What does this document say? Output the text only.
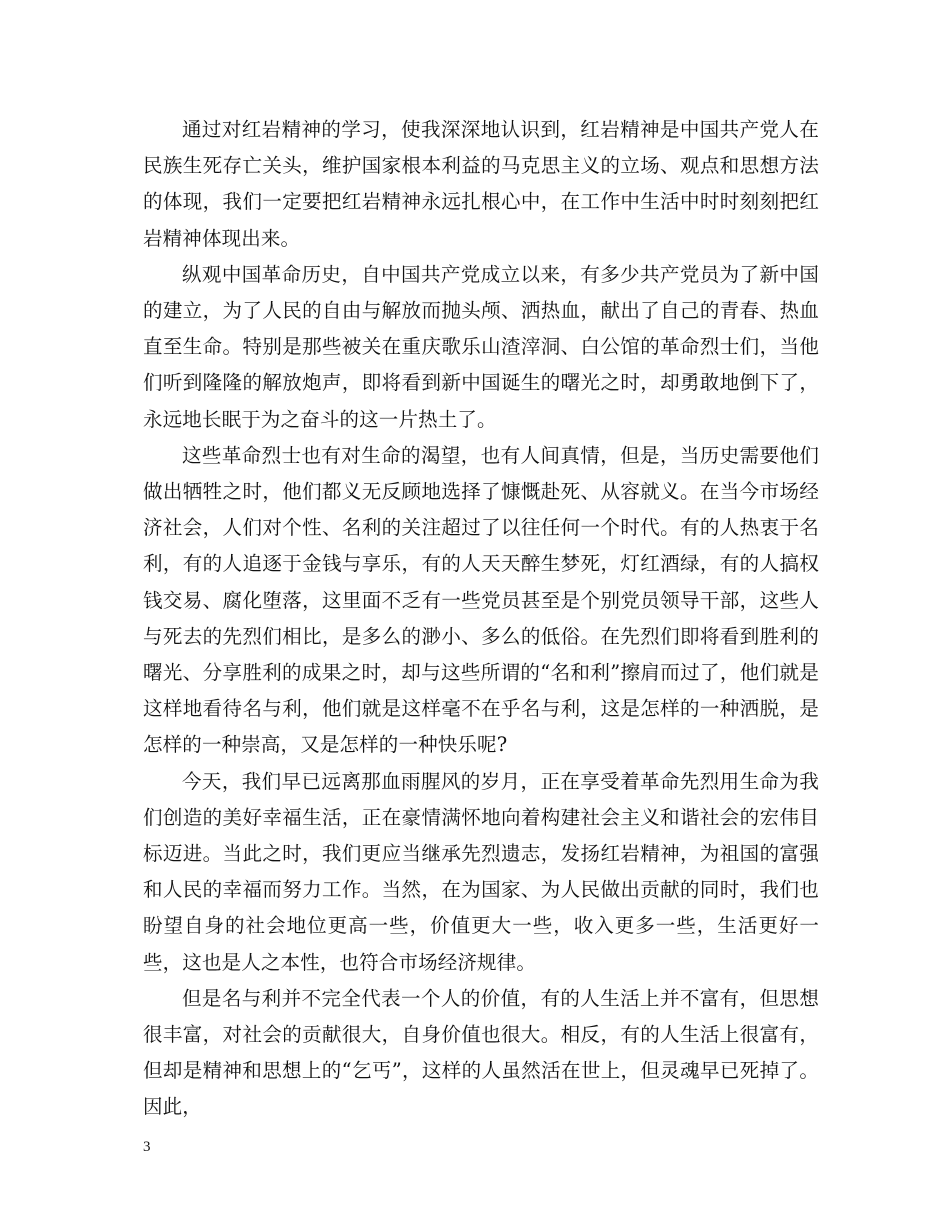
通过对红岩精神的学习，使我深深地认识到，红岩精神是中国共产党人在民族生死存亡关头，维护国家根本利益的马克思主义的立场、观点和思想方法的体现，我们一定要把红岩精神永远扎根心中，在工作中生活中时时刻刻把红岩精神体现出来。

纵观中国革命历史，自中国共产党成立以来，有多少共产党员为了新中国的建立，为了人民的自由与解放而抛头颅、洒热血，献出了自己的青春、热血直至生命。特别是那些被关在重庆歌乐山渣滓洞、白公馆的革命烈士们，当他们听到隆隆的解放炮声，即将看到新中国诞生的曙光之时，却勇敢地倒下了，永远地长眠于为之奋斗的这一片热土了。

这些革命烈士也有对生命的渴望，也有人间真情，但是，当历史需要他们做出牺牲之时，他们都义无反顾地选择了慷慨赴死、从容就义。在当今市场经济社会，人们对个性、名利的关注超过了以往任何一个时代。有的人热衷于名利，有的人追逐于金钱与享乐，有的人天天醉生梦死，灯红酒绿，有的人搞权钱交易、腐化堕落，这里面不乏有一些党员甚至是个别党员领导干部，这些人与死去的先烈们相比，是多么的渺小、多么的低俗。在先烈们即将看到胜利的曙光、分享胜利的成果之时，却与这些所谓的“名和利”擦肩而过了，他们就是这样地看待名与利，他们就是这样毫不在乎名与利，这是怎样的一种洒脱，是怎样的一种崇高，又是怎样的一种快乐呢?

今天，我们早已远离那血雨腥风的岁月，正在享受着革命先烈用生命为我们创造的美好幸福生活，正在豪情满怀地向着构建社会主义和谐社会的宏伟目标迈进。当此之时，我们更应当继承先烈遗志，发扬红岩精神，为祖国的富强和人民的幸福而努力工作。当然，在为国家、为人民做出贡献的同时，我们也盼望自身的社会地位更高一些，价值更大一些，收入更多一些，生活更好一些，这也是人之本性，也符合市场经济规律。

但是名与利并不完全代表一个人的价值，有的人生活上并不富有，但思想很丰富，对社会的贡献很大，自身价值也很大。相反，有的人生活上很富有，但却是精神和思想上的“乞丐”，这样的人虽然活在世上，但灵魂早已死掉了。因此，

3
